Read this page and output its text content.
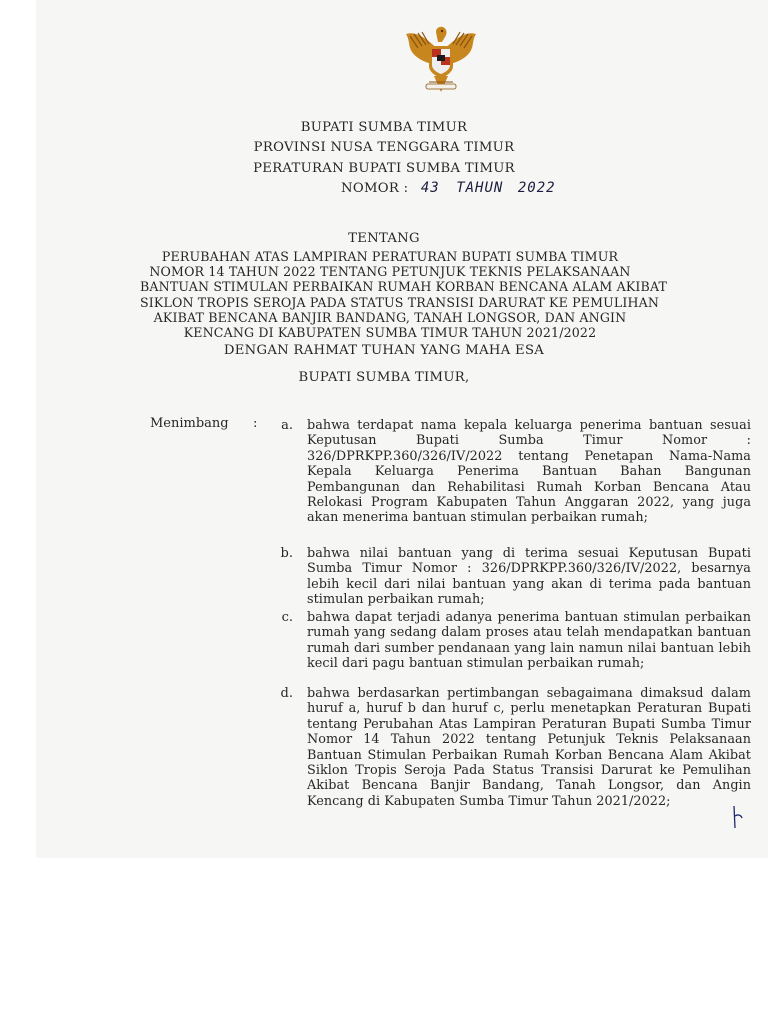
BUPATI SUMBA TIMUR
PROVINSI NUSA TENGGARA TIMUR
PERATURAN BUPATI SUMBA TIMUR
NOMOR : 43 TAHUN 2022
TENTANG
PERUBAHAN ATAS LAMPIRAN PERATURAN BUPATI SUMBA TIMUR
NOMOR 14 TAHUN 2022 TENTANG PETUNJUK TEKNIS PELAKSANAAN
BANTUAN STIMULAN PERBAIKAN RUMAH KORBAN BENCANA ALAM AKIBAT
SIKLON TROPIS SEROJA PADA STATUS TRANSISI DARURAT KE PEMULIHAN
AKIBAT BENCANA BANJIR BANDANG, TANAH LONGSOR, DAN ANGIN
KENCANG DI KABUPATEN SUMBA TIMUR TAHUN 2021/2022
DENGAN RAHMAT TUHAN YANG MAHA ESA
BUPATI SUMBA TIMUR,
Menimbang :	a. bahwa terdapat nama kepala keluarga penerima bantuan sesuai Keputusan Bupati Sumba Timur Nomor : 326/DPRKPP.360/326/IV/2022 tentang Penetapan Nama-Nama Kepala Keluarga Penerima Bantuan Bahan Bangunan Pembangunan dan Rehabilitasi Rumah Korban Bencana Atau Relokasi Program Kabupaten Tahun Anggaran 2022, yang juga akan menerima bantuan stimulan perbaikan rumah;
b. bahwa nilai bantuan yang di terima sesuai Keputusan Bupati Sumba Timur Nomor : 326/DPRKPP.360/326/IV/2022, besarnya lebih kecil dari nilai bantuan yang akan di terima pada bantuan stimulan perbaikan rumah;
c. bahwa dapat terjadi adanya penerima bantuan stimulan perbaikan rumah yang sedang dalam proses atau telah mendapatkan bantuan rumah dari sumber pendanaan yang lain namun nilai bantuan lebih kecil dari pagu bantuan stimulan perbaikan rumah;
d. bahwa berdasarkan pertimbangan sebagaimana dimaksud dalam huruf a, huruf b dan huruf c, perlu menetapkan Peraturan Bupati tentang Perubahan Atas Lampiran Peraturan Bupati Sumba Timur Nomor 14 Tahun 2022 tentang Petunjuk Teknis Pelaksanaan Bantuan Stimulan Perbaikan Rumah Korban Bencana Alam Akibat Siklon Tropis Seroja Pada Status Transisi Darurat ke Pemulihan Akibat Bencana Banjir Bandang, Tanah Longsor, dan Angin Kencang di Kabupaten Sumba Timur Tahun 2021/2022;
